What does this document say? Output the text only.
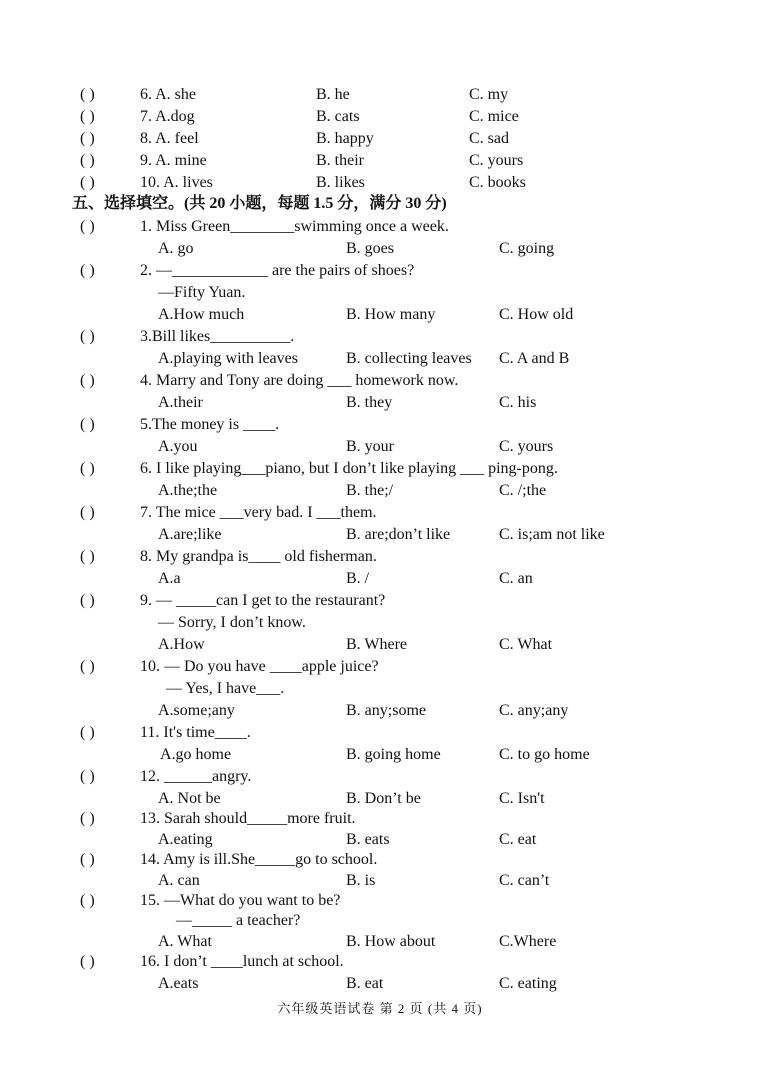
( )	6. A. she	B. he	C. my
( )	7. A.dog	B. cats	C. mice
( )	8. A. feel	B. happy	C. sad
( )	9. A. mine	B. their	C. yours
( )	10. A. lives	B. likes	C. books
五、选择填空。(共 20 小题，每题 1.5 分，满分 30 分)
( )	1. Miss Green________swimming once a week.
A. go	B. goes	C. going
( )	2. —____________ are the pairs of shoes?
—Fifty Yuan.
A.How much	B. How many	C. How old
( )	3.Bill likes__________.
A.playing with leaves	B. collecting leaves C. A and B
( )	4. Marry and Tony are doing ___ homework now.
A.their	B. they	C. his
( )	5.The money is ____.
A.you	B. your	C. yours
( )	6. I like playing___piano, but I don’t like playing ___ ping-pong.
A.the;the	B. the;/	C. /;the
( )	7. The mice ___very bad. I ___them.
A.are;like	B. are;don’t like	C. is;am not like
( )	8. My grandpa is____ old fisherman.
A.a	B. /	C. an
( )	9. — _____can I get to the restaurant?
— Sorry, I don’t know.
A.How	B. Where	C. What
( )	10. — Do you have ____apple juice?
— Yes, I have___.
A.some;any	B. any;some	C. any;any
( )	11. It's time____.
A.go home	B. going home	C. to go home
( )	12. ______angry.
A. Not be	B. Don’t be	C. Isn't
( )	13. Sarah should_____more fruit.
A.eating	B. eats	C. eat
( )	14. Amy is ill.She_____go to school.
A. can	B. is	C. can’t
( )	15. —What do you want to be?
—_____ a teacher?
A. What	B. How about	C.Where
( )	16. I don’t ____lunch at school.
A.eats	B. eat	C. eating
六年级英语试卷 第 2 页 (共 4 页)
